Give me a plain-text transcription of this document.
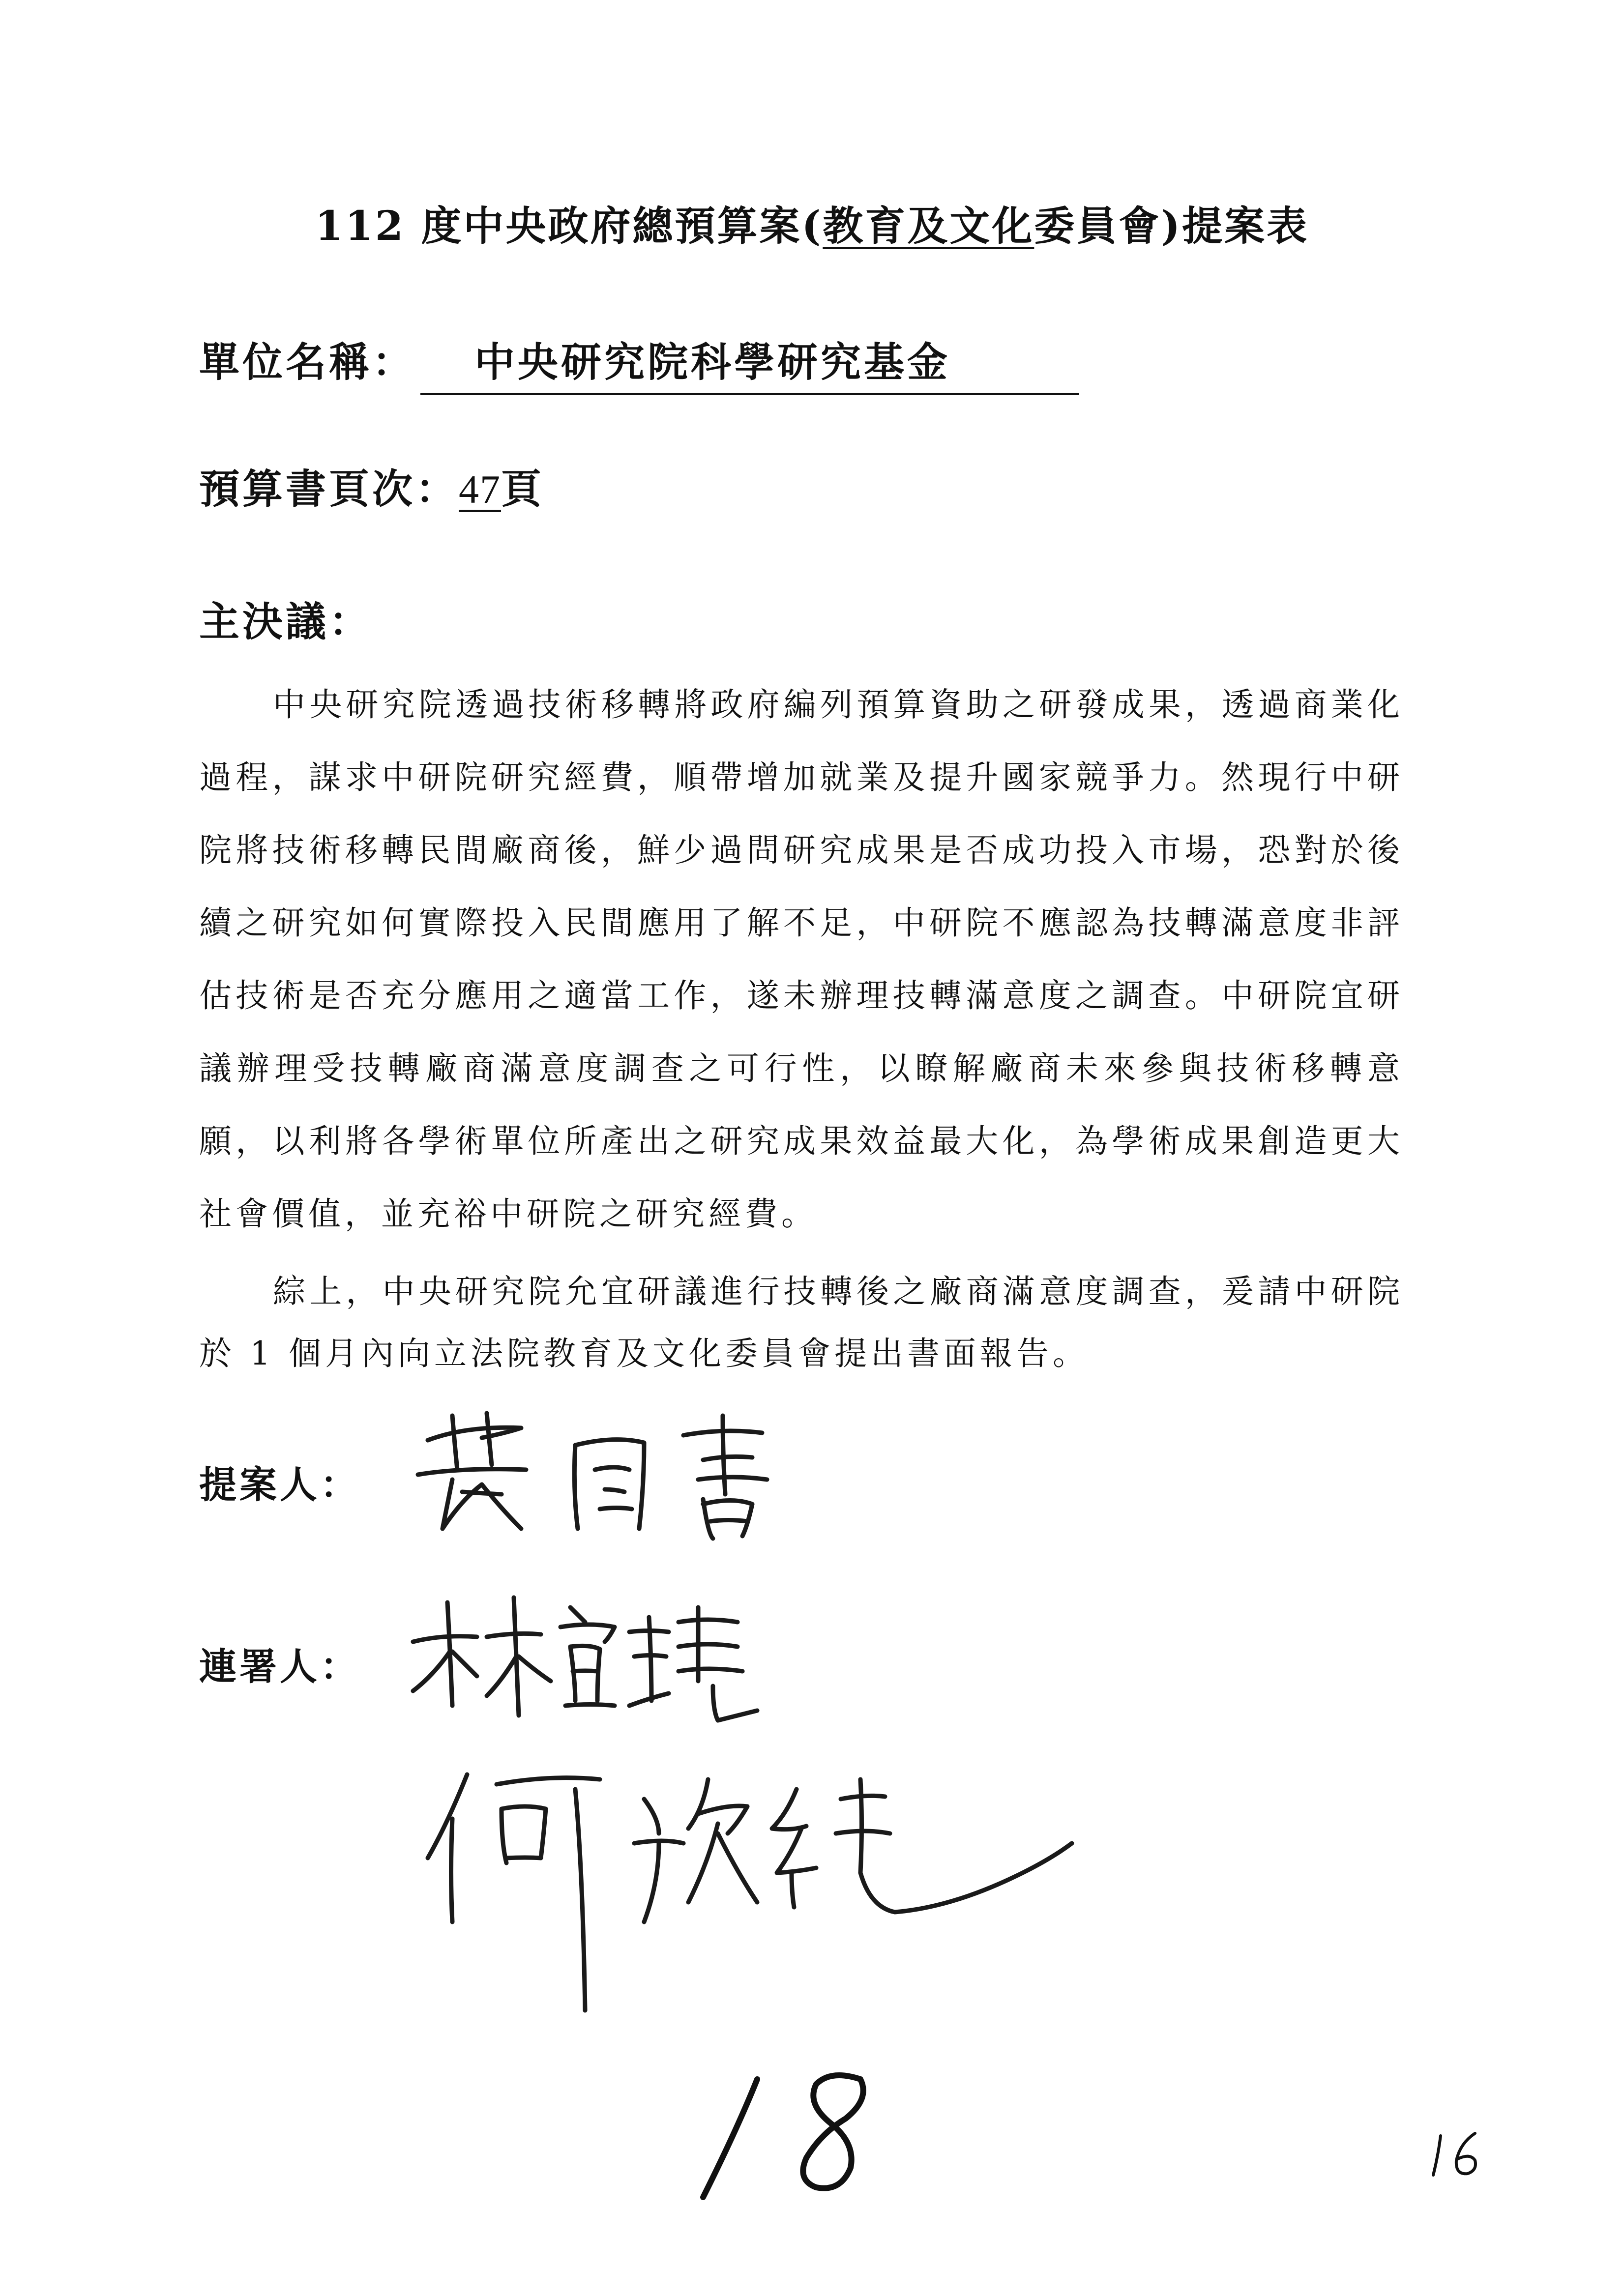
112 度中央政府總預算案(教育及文化委員會)提案表
單位名稱： 中央研究院科學研究基金
預算書頁次：47頁
主決議：

中央研究院透過技術移轉將政府編列預算資助之研發成果，透過商業化過程，謀求中研院研究經費，順帶增加就業及提升國家競爭力。然現行中研院將技術移轉民間廠商後，鮮少過問研究成果是否成功投入市場，恐對於後續之研究如何實際投入民間應用了解不足，中研院不應認為技轉滿意度非評估技術是否充分應用之適當工作，遂未辦理技轉滿意度之調查。中研院宜研議辦理受技轉廠商滿意度調查之可行性，以瞭解廠商未來參與技術移轉意願，以利將各學術單位所產出之研究成果效益最大化，為學術成果創造更大社會價值，並充裕中研院之研究經費。

綜上，中央研究院允宜研議進行技轉後之廠商滿意度調查，爰請中研院於 1 個月內向立法院教育及文化委員會提出書面報告。

提案人：
連署人：
